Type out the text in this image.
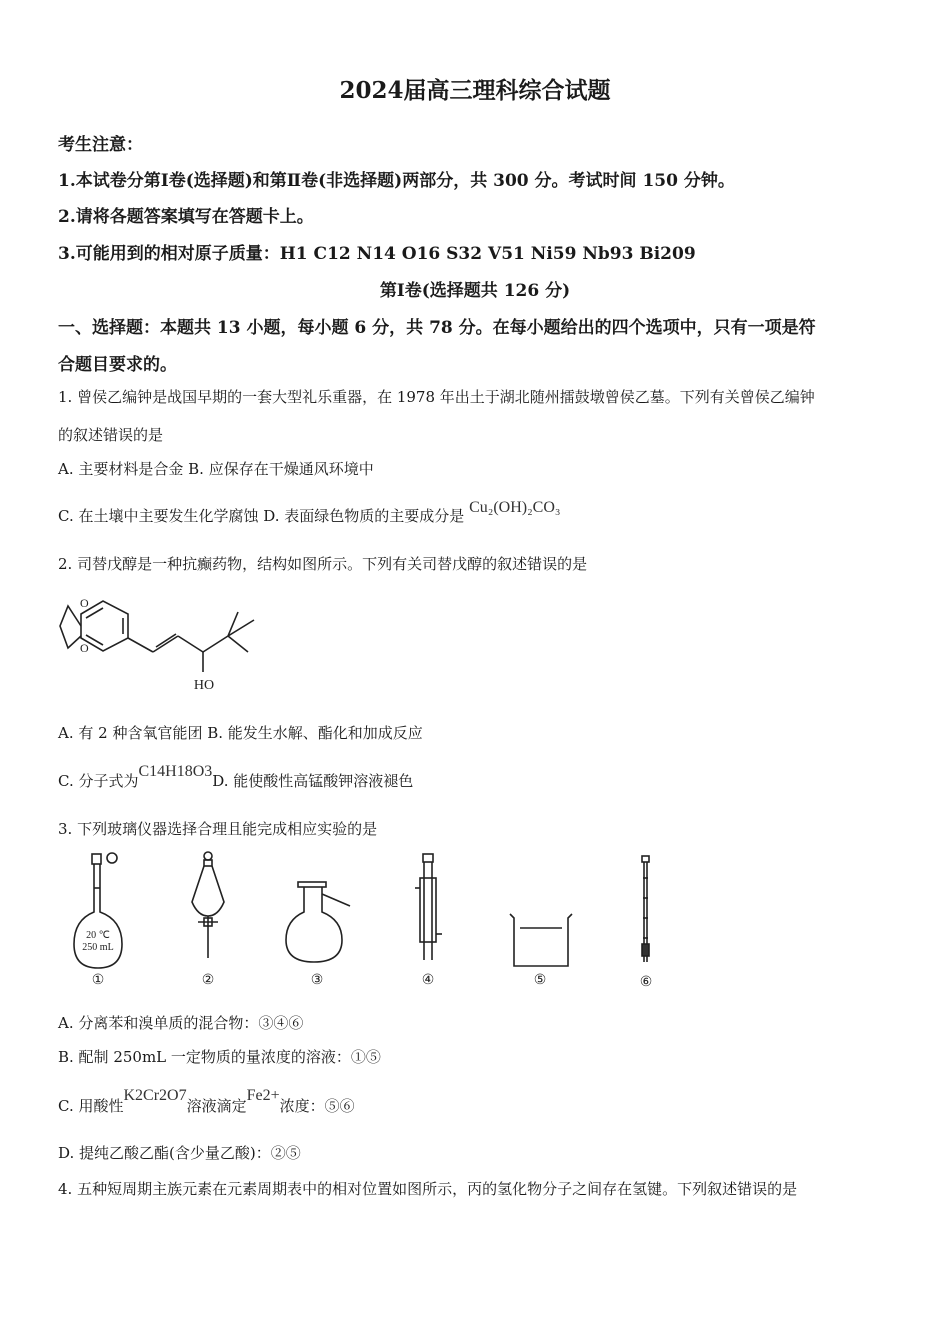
2024届高三理科综合试题
考生注意：
1.本试卷分第Ⅰ卷(选择题)和第Ⅱ卷(非选择题)两部分，共 300 分。考试时间 150 分钟。
2.请将各题答案填写在答题卡上。
3.可能用到的相对原子质量：H1 C12 N14 O16 S32 V51 Ni59 Nb93 Bi209
第Ⅰ卷(选择题共 126 分)
一、选择题：本题共 13 小题，每小题 6 分，共 78 分。在每小题给出的四个选项中，只有一项是符
合题目要求的。
1. 曾侯乙编钟是战国早期的一套大型礼乐重器，在 1978 年出土于湖北随州擂鼓墩曾侯乙墓。下列有关曾侯乙编钟
的叙述错误的是
A. 主要材料是合金 B. 应保存在干燥通风环境中
C. 在土壤中主要发生化学腐蚀 D. 表面绿色物质的主要成分是 Cu₂(OH)₂CO₃
2. 司替戊醇是一种抗癫药物，结构如图所示。下列有关司替戊醇的叙述错误的是
O
O
HO
A. 有 2 种含氧官能团 B. 能发生水解、酯化和加成反应
C. 分子式为C14H18O3D. 能使酸性高锰酸钾溶液褪色
3. 下列玻璃仪器选择合理且能完成相应实验的是
20 ℃
250 mL
①	②	③	④	⑤	⑥
A. 分离苯和溴单质的混合物：③④⑥
B. 配制 250mL 一定物质的量浓度的溶液：①⑤
C. 用酸性K2Cr2O7溶液滴定Fe2+浓度：⑤⑥
D. 提纯乙酸乙酯(含少量乙酸)：②⑤
4. 五种短周期主族元素在元素周期表中的相对位置如图所示，丙的氢化物分子之间存在氢键。下列叙述错误的是
